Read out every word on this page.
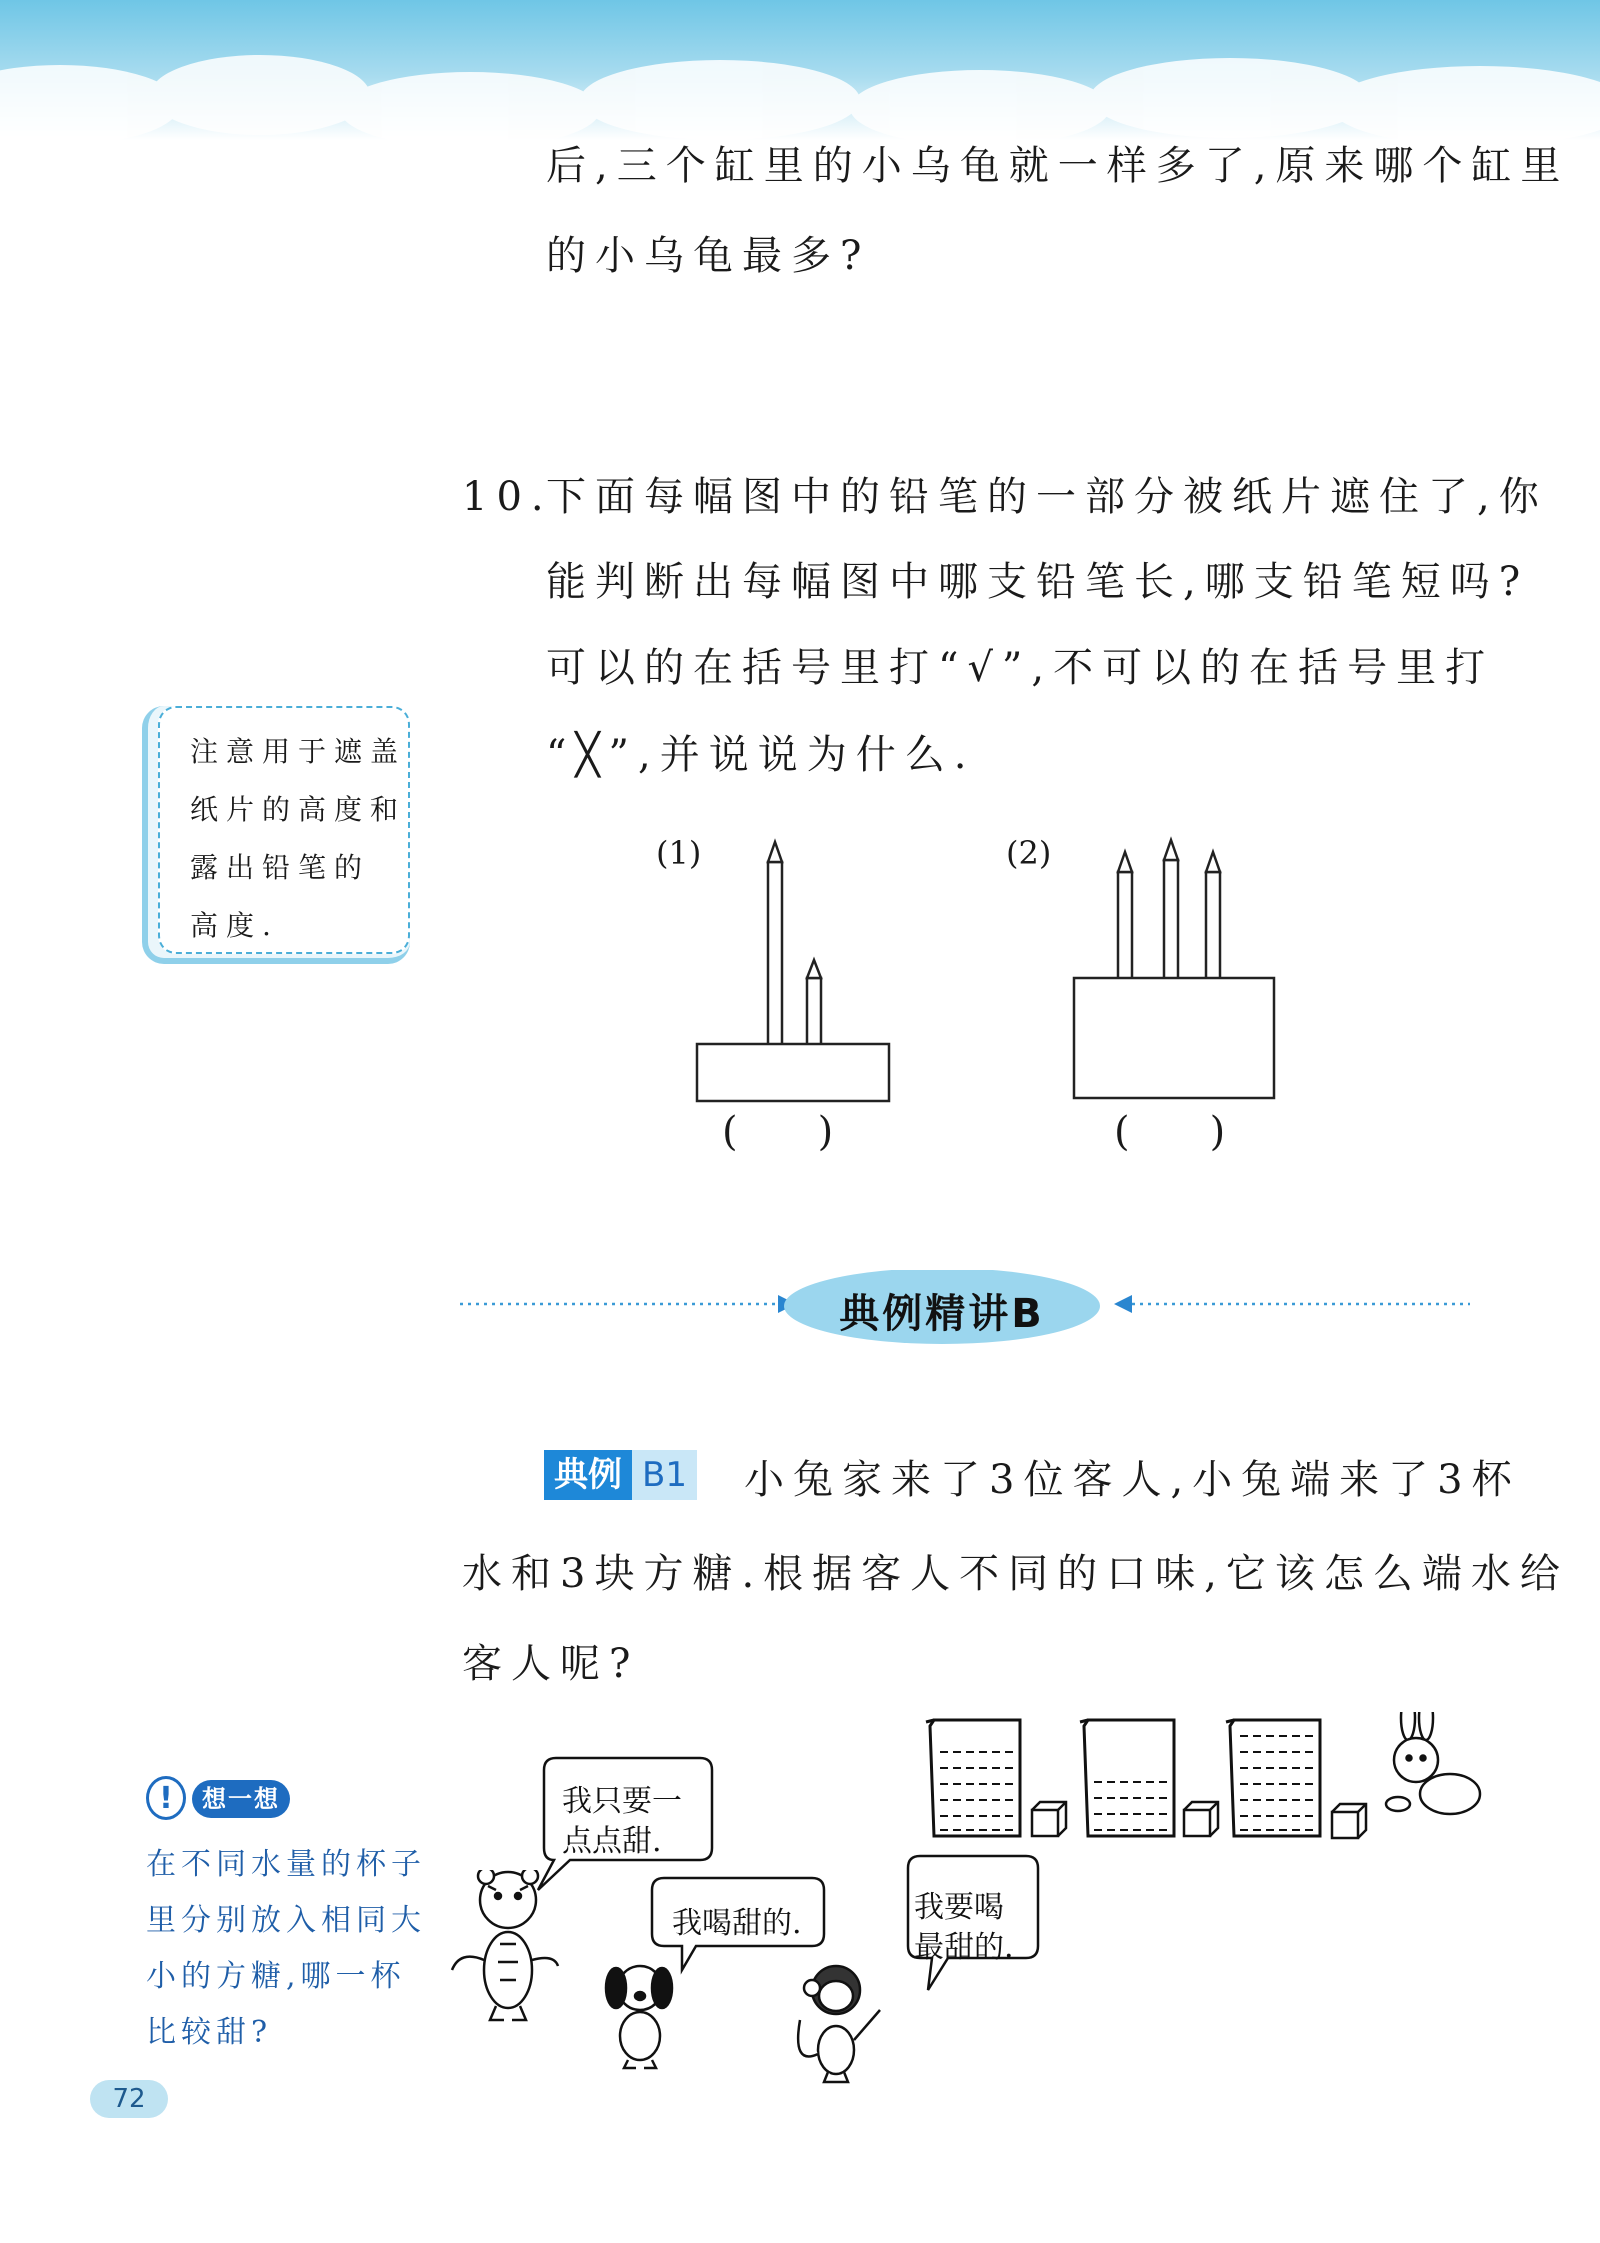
后,三个缸里的小乌龟就一样多了,原来哪个缸里
的小乌龟最多?
10.
下面每幅图中的铅笔的一部分被纸片遮住了,你
能判断出每幅图中哪支铅笔长,哪支铅笔短吗?
可以的在括号里打“√”,不可以的在括号里打
“╳”,并说说为什么.
注意用于遮盖
纸片的高度和
露出铅笔的
高度.
(1)	(2)
(　　)	(　　)
典例精讲B
典例 B1 小兔家来了3位客人,小兔端来了3杯
水和3块方糖.根据客人不同的口味,它该怎么端水给
客人呢?
!	想一想
在不同水量的杯子
里分别放入相同大
小的方糖,哪一杯
比较甜?
72
我只要一
点点甜.
我喝甜的.	我要喝
最甜的.
